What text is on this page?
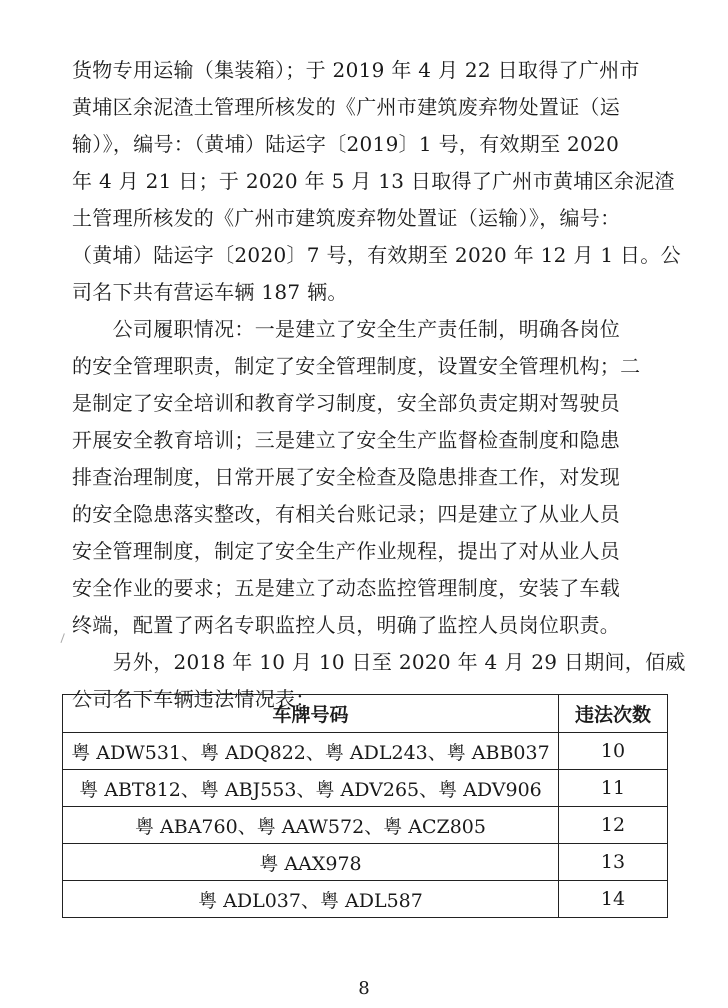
货物专用运输（集装箱）；于 2019 年 4 月 22 日取得了广州市
黄埔区余泥渣土管理所核发的《广州市建筑废弃物处置证（运
输）》，编号：（黄埔）陆运字〔2019〕1 号，有效期至 2020
年 4 月 21 日；于 2020 年 5 月 13 日取得了广州市黄埔区余泥渣
土管理所核发的《广州市建筑废弃物处置证（运输）》，编号：
（黄埔）陆运字〔2020〕7 号，有效期至 2020 年 12 月 1 日。公
司名下共有营运车辆 187 辆。
　　公司履职情况：一是建立了安全生产责任制，明确各岗位
的安全管理职责，制定了安全管理制度，设置安全管理机构；二
是制定了安全培训和教育学习制度，安全部负责定期对驾驶员
开展安全教育培训；三是建立了安全生产监督检查制度和隐患
排查治理制度，日常开展了安全检查及隐患排查工作，对发现
的安全隐患落实整改，有相关台账记录；四是建立了从业人员
安全管理制度，制定了安全生产作业规程，提出了对从业人员
安全作业的要求；五是建立了动态监控管理制度，安装了车载
终端，配置了两名专职监控人员，明确了监控人员岗位职责。
　　另外，2018 年 10 月 10 日至 2020 年 4 月 29 日期间，佰威
公司名下车辆违法情况表：
车牌号码	违法次数
粤 ADW531、粤 ADQ822、粤 ADL243、粤 ABB037	10
粤 ABT812、粤 ABJ553、粤 ADV265、粤 ADV906	11
粤 ABA760、粤 AAW572、粤 ACZ805	12
粤 AAX978	13
粤 ADL037、粤 ADL587	14
8
